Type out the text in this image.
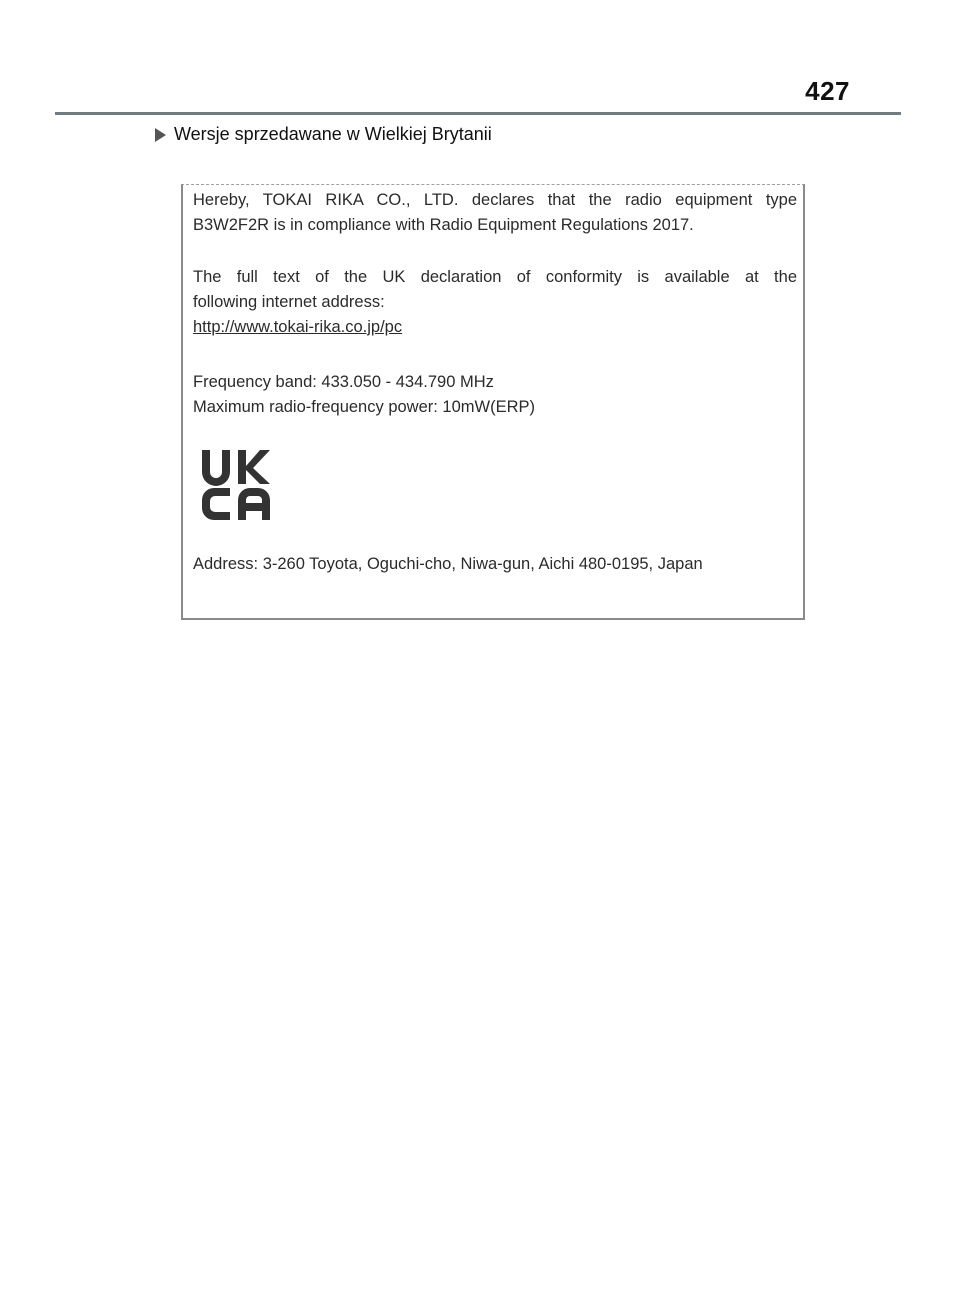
427
Wersje sprzedawane w Wielkiej Brytanii
Hereby, TOKAI RIKA CO., LTD. declares that the radio equipment type
B3W2F2R is in compliance with Radio Equipment Regulations 2017.
The full text of the UK declaration of conformity is available at the
following internet address:
http://www.tokai-rika.co.jp/pc
Frequency band: 433.050 - 434.790 MHz
Maximum radio-frequency power: 10mW(ERP)
Address: 3-260 Toyota, Oguchi-cho, Niwa-gun, Aichi 480-0195, Japan
